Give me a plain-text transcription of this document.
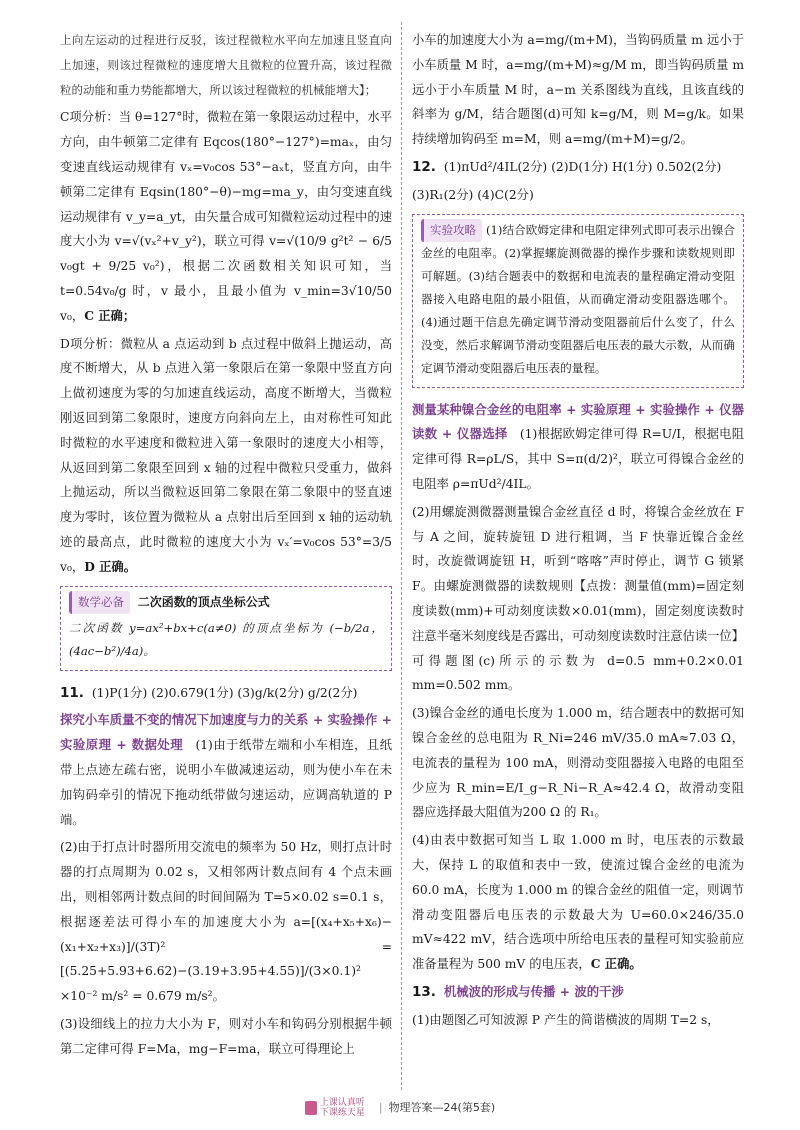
上向左运动的过程进行反驳，该过程微粒水平向左加速且竖直向上加速，则该过程微粒的速度增大且微粒的位置升高，该过程微粒的动能和重力势能都增大，所以该过程微粒的机械能增大】；

C项分析：当 θ=127°时，微粒在第一象限运动过程中，水平方向，由牛顿第二定律有 Eqcos(180°−127°)=maₓ，由匀变速直线运动规律有 vₓ=v₀cos 53°−aₓt，竖直方向，由牛顿第二定律有 Eqsin(180°−θ)−mg=ma_y，由匀变速直线运动规律有 v_y=a_yt，由矢量合成可知微粒运动过程中的速度大小为 v=√(vₓ²+v_y²)，联立可得 v=√(10/9 g²t² − 6/5 v₀gt + 9/25 v₀²)，根据二次函数相关知识可知，当 t=0.54v₀/g 时，v 最小，且最小值为 v_min=3√10/50 v₀，C 正确；

D项分析：微粒从 a 点运动到 b 点过程中做斜上抛运动，高度不断增大，从 b 点进入第一象限后在第一象限中竖直方向上做初速度为零的匀加速直线运动，高度不断增大，当微粒刚返回到第二象限时，速度方向斜向左上，由对称性可知此时微粒的水平速度和微粒进入第一象限时的速度大小相等，从返回到第二象限至回到 x 轴的过程中微粒只受重力，做斜上抛运动，所以当微粒返回第二象限在第二象限中的竖直速度为零时，该位置为微粒从 a 点射出后至回到 x 轴的运动轨迹的最高点，此时微粒的速度大小为 vₓ′=v₀cos 53°=3/5 v₀，D 正确。

数学必备 二次函数的顶点坐标公式

二次函数 y=ax²+bx+c(a≠0) 的顶点坐标为 (−b/2a，(4ac−b²)/4a)。

11. (1)P(1分) (2)0.679(1分) (3)g/k(2分) g/2(2分)

探究小车质量不变的情况下加速度与力的关系 + 实验操作 + 实验原理 + 数据处理  (1)由于纸带左端和小车相连，且纸带上点迹左疏右密，说明小车做减速运动，则为使小车在未加钩码牵引的情况下拖动纸带做匀速运动，应调高轨道的 P 端。

(2)由于打点计时器所用交流电的频率为 50 Hz，则打点计时器的打点周期为 0.02 s，又相邻两计数点间有 4 个点未画出，则相邻两计数点间的时间间隔为 T=5×0.02 s=0.1 s，根据逐差法可得小车的加速度大小为 a=[(x₄+x₅+x₆)−(x₁+x₂+x₃)]/(3T)² = [(5.25+5.93+6.62)−(3.19+3.95+4.55)]/(3×0.1)² ×10⁻² m/s² = 0.679 m/s²。

(3)设细线上的拉力大小为 F，则对小车和钩码分别根据牛顿第二定律可得 F=Ma，mg−F=ma，联立可得理论上

小车的加速度大小为 a=mg/(m+M)，当钩码质量 m 远小于小车质量 M 时，a=mg/(m+M)≈g/M m，即当钩码质量 m 远小于小车质量 M 时，a−m 关系图线为直线，且该直线的斜率为 g/M，结合题图(d)可知 k=g/M，则 M=g/k。如果持续增加钩码至 m=M，则 a=mg/(m+M)=g/2。

12. (1)πUd²/4IL(2分) (2)D(1分) H(1分) 0.502(2分)

(3)R₁(2分) (4)C(2分)

实验攻略 (1)结合欧姆定律和电阻定律列式即可表示出镍合金丝的电阻率。(2)掌握螺旋测微器的操作步骤和读数规则即可解题。(3)结合题表中的数据和电流表的量程确定滑动变阻器接入电路电阻的最小阻值，从而确定滑动变阻器选哪个。(4)通过题干信息先确定调节滑动变阻器前后什么变了，什么没变，然后求解调节滑动变阻器后电压表的最大示数，从而确定调节滑动变阻器后电压表的量程。

测量某种镍合金丝的电阻率 + 实验原理 + 实验操作 + 仪器读数 + 仪器选择  (1)根据欧姆定律可得 R=U/I，根据电阻定律可得 R=ρL/S，其中 S=π(d/2)²，联立可得镍合金丝的电阻率 ρ=πUd²/4IL。

(2)用螺旋测微器测量镍合金丝直径 d 时，将镍合金丝放在 F 与 A 之间，旋转旋钮 D 进行粗调，当 F 快靠近镍合金丝时，改旋微调旋钮 H，听到“喀喀”声时停止，调节 G 锁紧 F。由螺旋测微器的读数规则【点拨：测量值(mm)=固定刻度读数(mm)+可动刻度读数×0.01(mm)，固定刻度读数时注意半毫米刻度线是否露出，可动刻度读数时注意估读一位】可得题图(c)所示的示数为 d=0.5 mm+0.2×0.01 mm=0.502 mm。

(3)镍合金丝的通电长度为 1.000 m，结合题表中的数据可知镍合金丝的总电阻为 R_Ni=246 mV/35.0 mA≈7.03 Ω，电流表的量程为 100 mA，则滑动变阻器接入电路的电阻至少应为 R_min=E/I_g−R_Ni−R_A≈42.4 Ω，故滑动变阻器应选择最大阻值为200 Ω 的 R₁。

(4)由表中数据可知当 L 取 1.000 m 时，电压表的示数最大，保持 L 的取值和表中一致，使流过镍合金丝的电流为 60.0 mA，长度为 1.000 m 的镍合金丝的阻值一定，则调节滑动变阻器后电压表的示数最大为 U=60.0×246/35.0 mV≈422 mV，结合选项中所给电压表的量程可知实验前应准备量程为 500 mV 的电压表，C 正确。

13. 机械波的形成与传播 + 波的干涉

(1)由题图乙可知波源 P 产生的简谐横波的周期 T=2 s，

上课认真听
下课练天星 | 物理答案—24(第5套)
